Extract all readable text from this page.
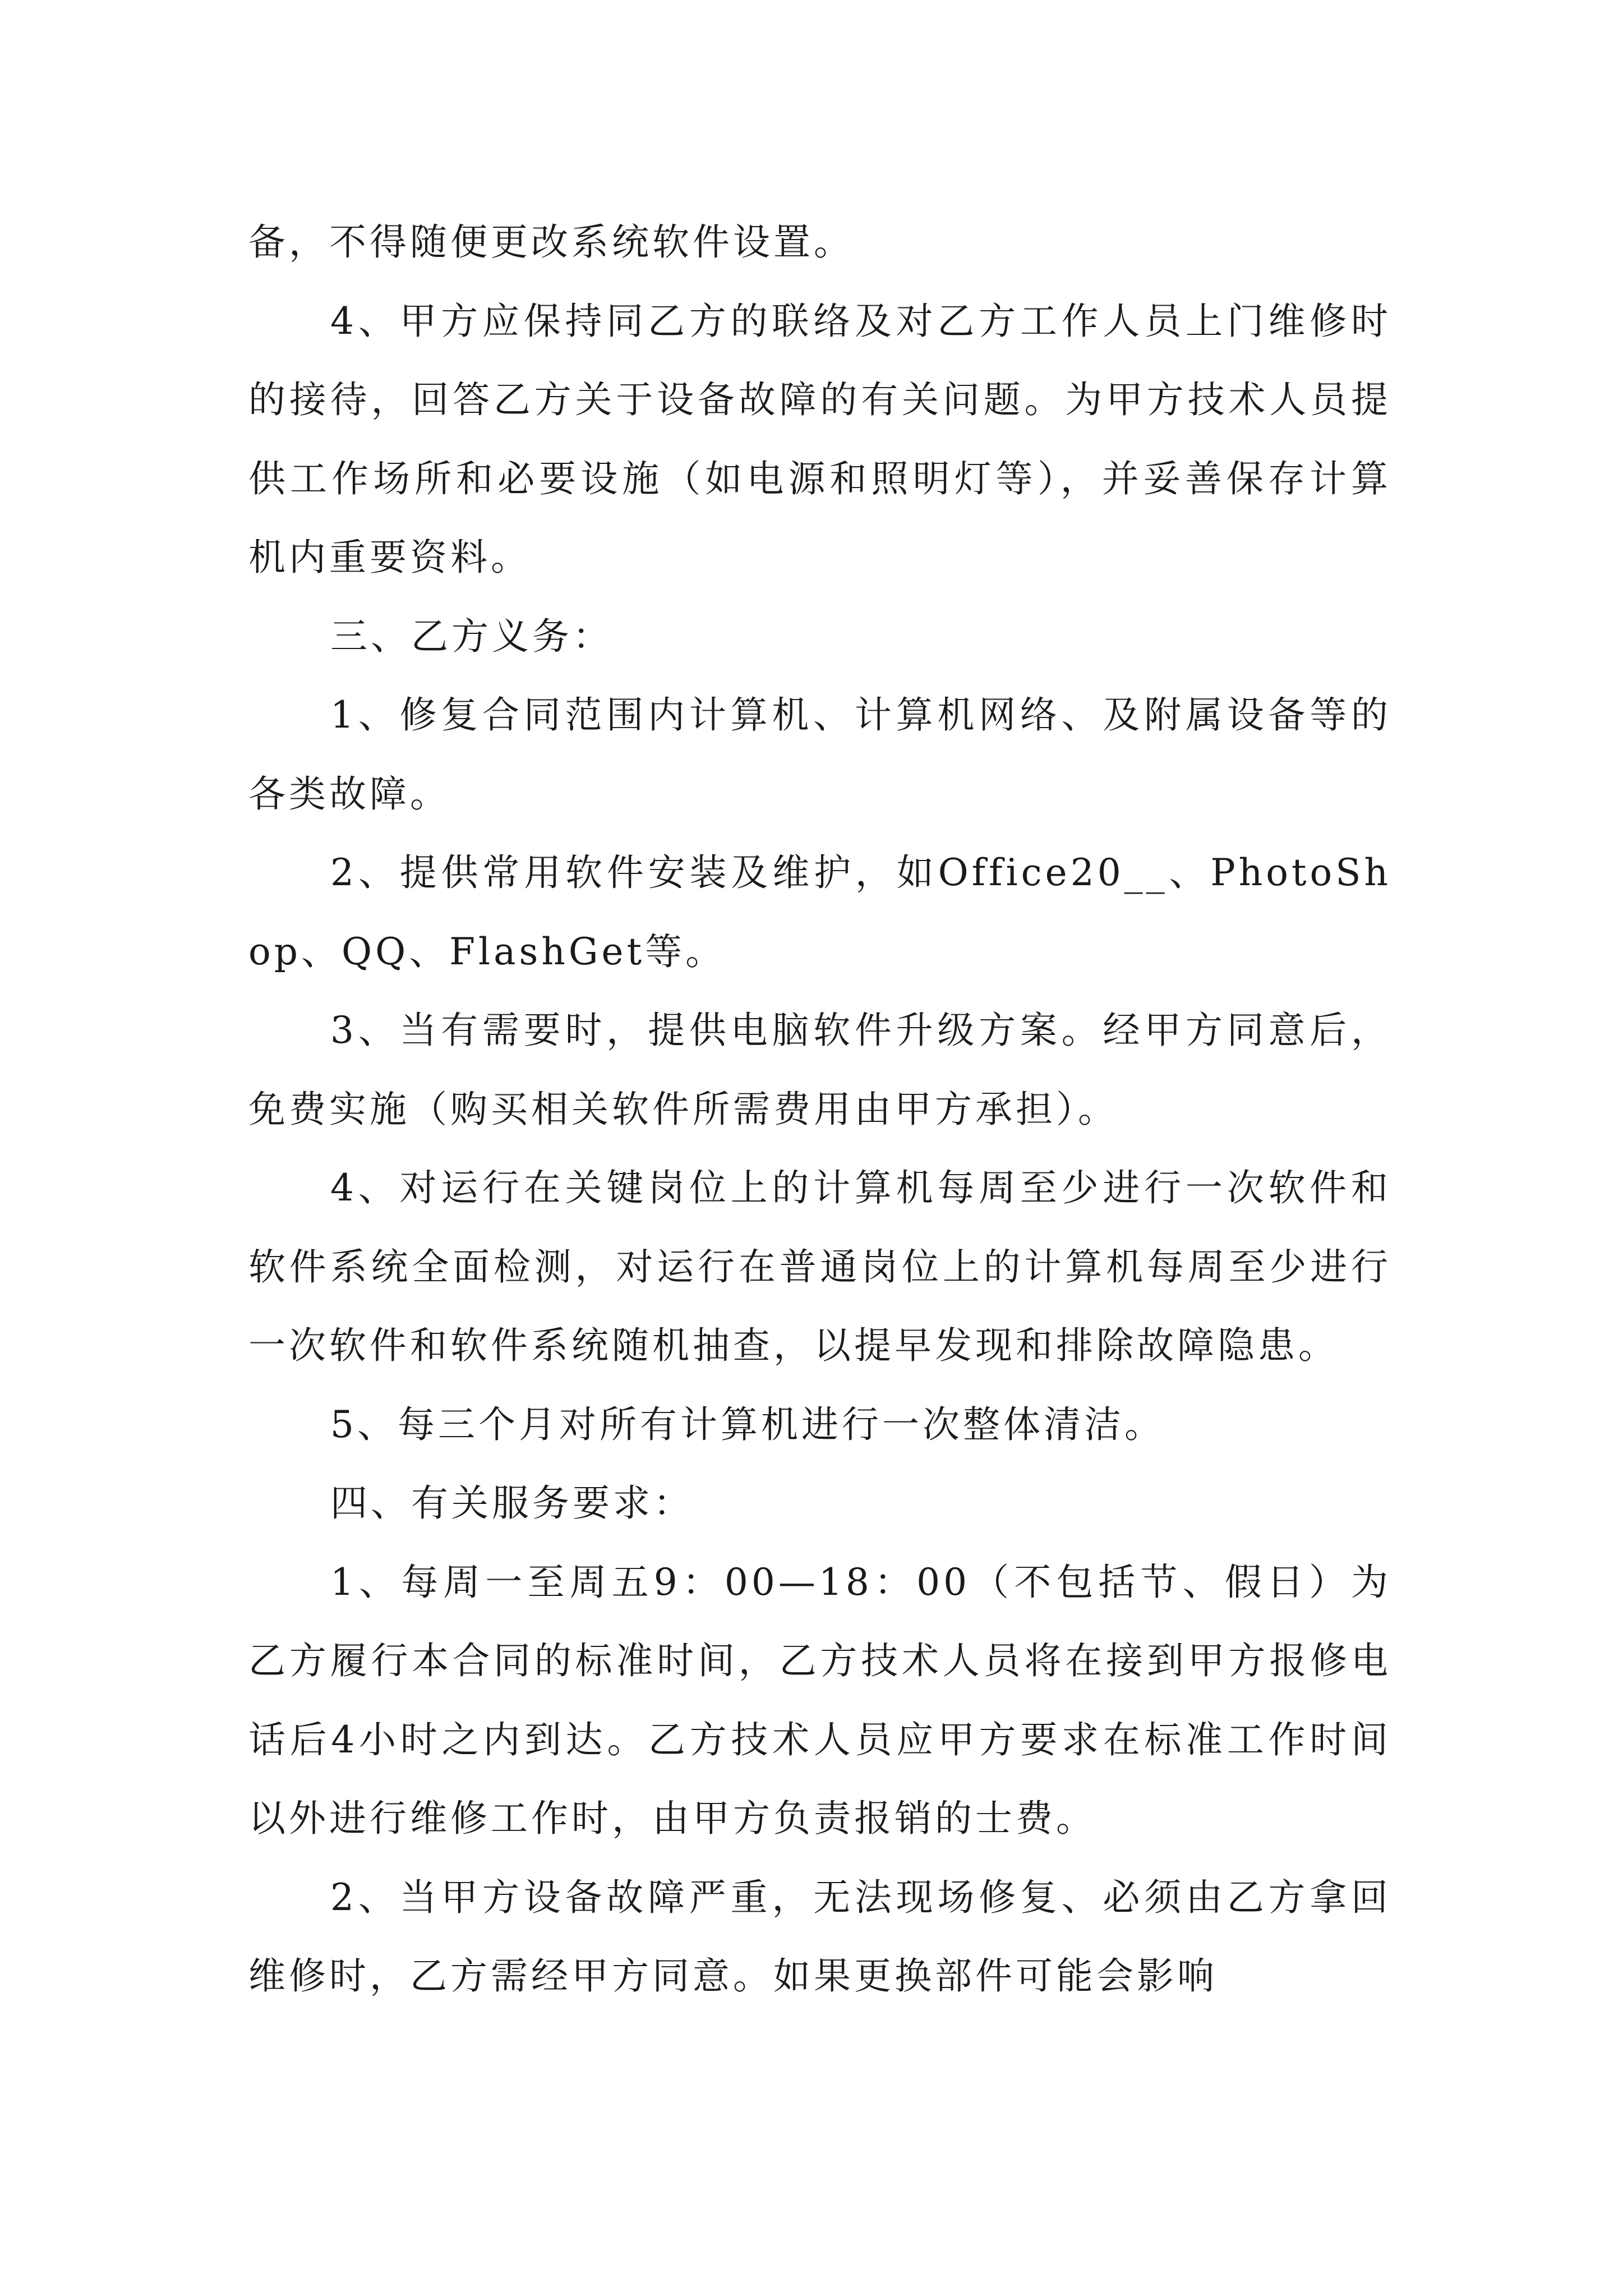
备，不得随便更改系统软件设置。

4、甲方应保持同乙方的联络及对乙方工作人员上门维修时的接待，回答乙方关于设备故障的有关问题。为甲方技术人员提供工作场所和必要设施（如电源和照明灯等），并妥善保存计算机内重要资料。

三、乙方义务：

1、修复合同范围内计算机、计算机网络、及附属设备等的各类故障。

2、提供常用软件安装及维护，如Office20__、PhotoShop、QQ、FlashGet等。

3、当有需要时，提供电脑软件升级方案。经甲方同意后，免费实施（购买相关软件所需费用由甲方承担）。

4、对运行在关键岗位上的计算机每周至少进行一次软件和软件系统全面检测，对运行在普通岗位上的计算机每周至少进行一次软件和软件系统随机抽查，以提早发现和排除故障隐患。

5、每三个月对所有计算机进行一次整体清洁。

四、有关服务要求：

1、每周一至周五9：00—18：00（不包括节、假日）为乙方履行本合同的标准时间，乙方技术人员将在接到甲方报修电话后4小时之内到达。乙方技术人员应甲方要求在标准工作时间以外进行维修工作时，由甲方负责报销的士费。

2、当甲方设备故障严重，无法现场修复、必须由乙方拿回维修时，乙方需经甲方同意。如果更换部件可能会影响
